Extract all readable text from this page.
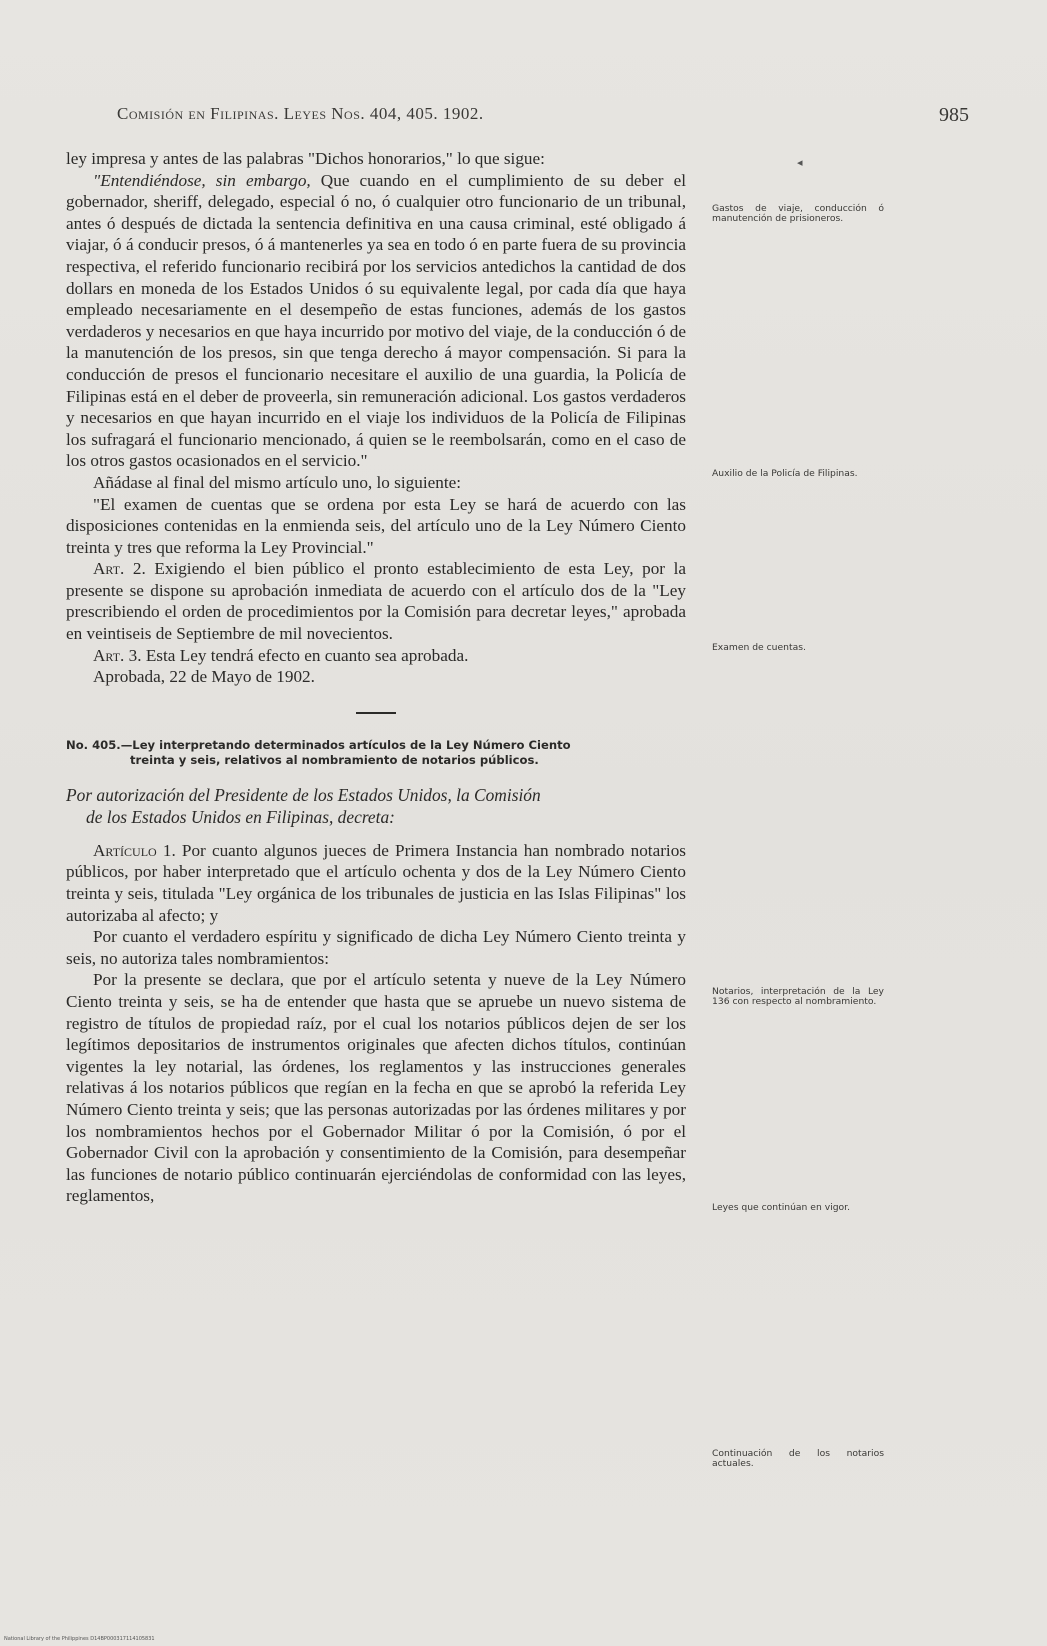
Comisión en Filipinas. Leyes Nos. 404, 405. 1902.	985
◂

ley impresa y antes de las palabras "Dichos honorarios," lo que sigue:

"Entendiéndose, sin embargo, Que cuando en el cumplimiento de su deber el gobernador, sheriff, delegado, especial ó no, ó cualquier otro funcionario de un tribunal, antes ó después de dictada la sentencia definitiva en una causa criminal, esté obligado á viajar, ó á conducir presos, ó á mantenerles ya sea en todo ó en parte fuera de su provincia respectiva, el referido funcionario recibirá por los servicios antedichos la cantidad de dos dollars en moneda de los Estados Unidos ó su equivalente legal, por cada día que haya empleado necesariamente en el desempeño de estas funciones, además de los gastos verdaderos y necesarios en que haya incurrido por motivo del viaje, de la conducción ó de la manutención de los presos, sin que tenga derecho á mayor compensación. Si para la conducción de presos el funcionario necesitare el auxilio de una guardia, la Policía de Filipinas está en el deber de proveerla, sin remuneración adicional. Los gastos verdaderos y necesarios en que hayan incurrido en el viaje los individuos de la Policía de Filipinas los sufragará el funcionario mencionado, á quien se le reembolsarán, como en el caso de los otros gastos ocasionados en el servicio."

Añádase al final del mismo artículo uno, lo siguiente:

"El examen de cuentas que se ordena por esta Ley se hará de acuerdo con las disposiciones contenidas en la enmienda seis, del artículo uno de la Ley Número Ciento treinta y tres que reforma la Ley Provincial."

Art. 2. Exigiendo el bien público el pronto establecimiento de esta Ley, por la presente se dispone su aprobación inmediata de acuerdo con el artículo dos de la "Ley prescribiendo el orden de procedimientos por la Comisión para decretar leyes," aprobada en veintiseis de Septiembre de mil novecientos.

Art. 3. Esta Ley tendrá efecto en cuanto sea aprobada.

Aprobada, 22 de Mayo de 1902.

No. 405.—Ley interpretando determinados artículos de la Ley Número Ciento
treinta y seis, relativos al nombramiento de notarios públicos.
Por autorización del Presidente de los Estados Unidos, la Comisión
de los Estados Unidos en Filipinas, decreta:

Artículo 1. Por cuanto algunos jueces de Primera Instancia han nombrado notarios públicos, por haber interpretado que el artículo ochenta y dos de la Ley Número Ciento treinta y seis, titulada "Ley orgánica de los tribunales de justicia en las Islas Filipinas" los autorizaba al afecto; y

Por cuanto el verdadero espíritu y significado de dicha Ley Número Ciento treinta y seis, no autoriza tales nombramientos:

Por la presente se declara, que por el artículo setenta y nueve de la Ley Número Ciento treinta y seis, se ha de entender que hasta que se apruebe un nuevo sistema de registro de títulos de propiedad raíz, por el cual los notarios públicos dejen de ser los legítimos depositarios de instrumentos originales que afecten dichos títulos, continúan vigentes la ley notarial, las órdenes, los reglamentos y las instrucciones generales relativas á los notarios públicos que regían en la fecha en que se aprobó la referida Ley Número Ciento treinta y seis; que las personas autorizadas por las órdenes militares y por los nombramientos hechos por el Gobernador Militar ó por la Comisión, ó por el Gobernador Civil con la aprobación y consentimiento de la Comisión, para desempeñar las funciones de notario público continuarán ejerciéndolas de conformidad con las leyes, reglamentos,

Gastos de viaje, conducción ó manutención de prisioneros.
Auxilio de la Policía de Filipinas.
Examen de cuentas.
Notarios, interpretación de la Ley 136 con respecto al nombramiento.
Leyes que continúan en vigor.
Continuación de los notarios actuales.
National Library of the Philippines D14BP000317114105831
